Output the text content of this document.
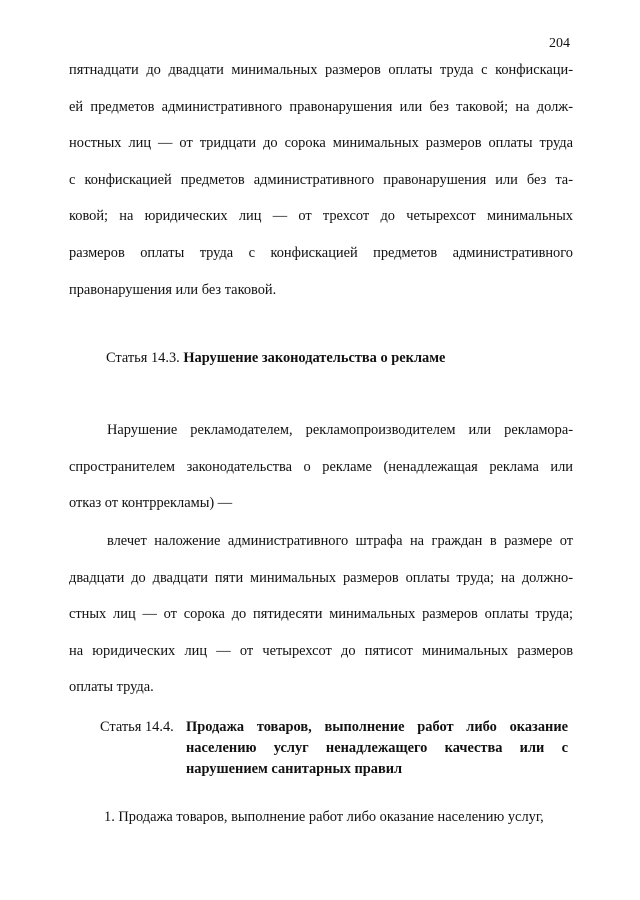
204
пятнадцати до двадцати минимальных размеров оплаты труда с конфискаци-
ей предметов административного правонарушения или без таковой; на долж-
ностных лиц — от тридцати до сорока минимальных размеров оплаты труда
с конфискацией предметов административного правонарушения или без та-
ковой; на юридических лиц — от трехсот до четырехсот минимальных
размеров оплаты труда с конфискацией предметов административного
правонарушения или без таковой.
Статья 14.3. Нарушение законодательства о рекламе
Нарушение рекламодателем, рекламопроизводителем или рекламора-
спространителем законодательства о рекламе (ненадлежащая реклама или
отказ от контррекламы) —
влечет наложение административного штрафа на граждан в размере от
двадцати до двадцати пяти минимальных размеров оплаты труда; на должно-
стных лиц — от сорока до пятидесяти минимальных размеров оплаты труда;
на юридических лиц — от четырехсот до пятисот минимальных размеров
оплаты труда.
Статья 14.4. Продажа товаров, выполнение работ либо оказание
населению услуг ненадлежащего качества или с
нарушением санитарных правил
1. Продажа товаров, выполнение работ либо оказание населению услуг,
